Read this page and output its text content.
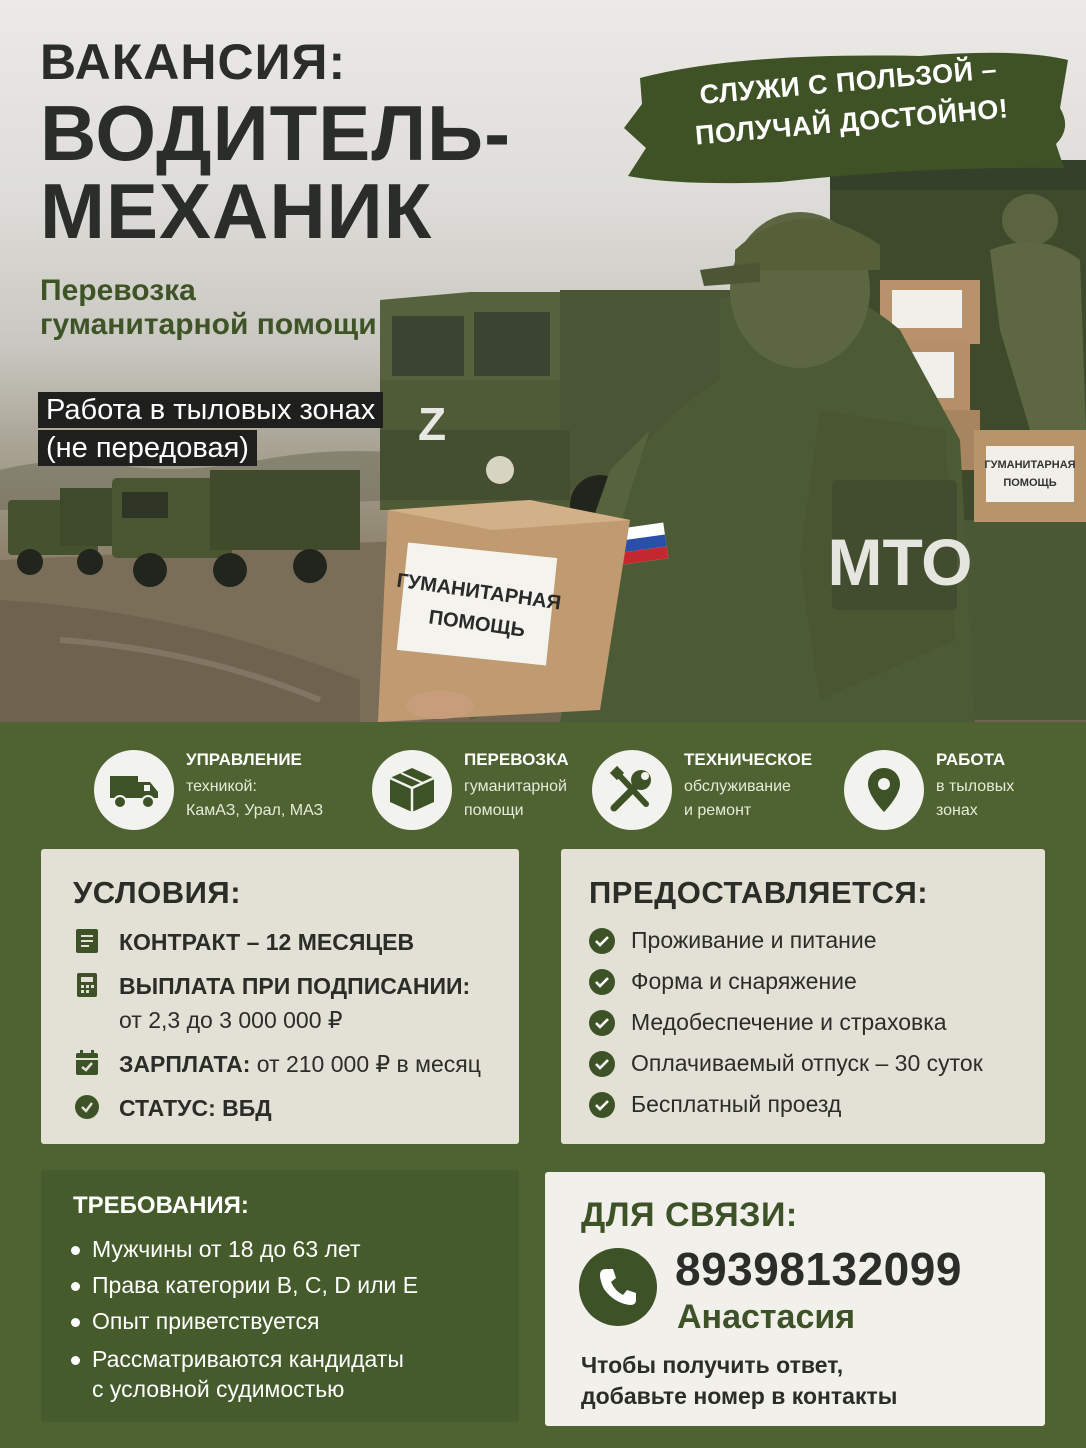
Z
ГУМАНИТАРНАЯ
ПОМОЩЬ
МТО
ГУМАНИТАРНАЯ
ПОМОЩЬ
СЛУЖИ С ПОЛЬЗОЙ –
ПОЛУЧАЙ ДОСТОЙНО!
ВАКАНСИЯ:
ВОДИТЕЛЬ-
МЕХАНИК
Перевозка
гуманитарной помощи
Работа в тыловых зонах
(не передовая)
УПРАВЛЕНИЕ
техникой:
КамАЗ, Урал, МАЗ
ПЕРЕВОЗКА
гуманитарной
помощи
ТЕХНИЧЕСКОЕ
обслуживание
и ремонт
РАБОТА
в тыловых
зонах
УСЛОВИЯ:
КОНТРАКТ – 12 МЕСЯЦЕВ
ВЫПЛАТА ПРИ ПОДПИСАНИИ:
от 2,3 до 3 000 000 ₽
ЗАРПЛАТА: от 210 000 ₽ в месяц
СТАТУС: ВБД
ПРЕДОСТАВЛЯЕТСЯ:
Проживание и питание
Форма и снаряжение
Медобеспечение и страховка
Оплачиваемый отпуск – 30 суток
Бесплатный проезд
ТРЕБОВАНИЯ:
Мужчины от 18 до 63 лет
Права категории B, C, D или E
Опыт приветствуется
Рассматриваются кандидаты
с условной судимостью
ДЛЯ СВЯЗИ:
89398132099
Анастасия
Чтобы получить ответ,
добавьте номер в контакты
